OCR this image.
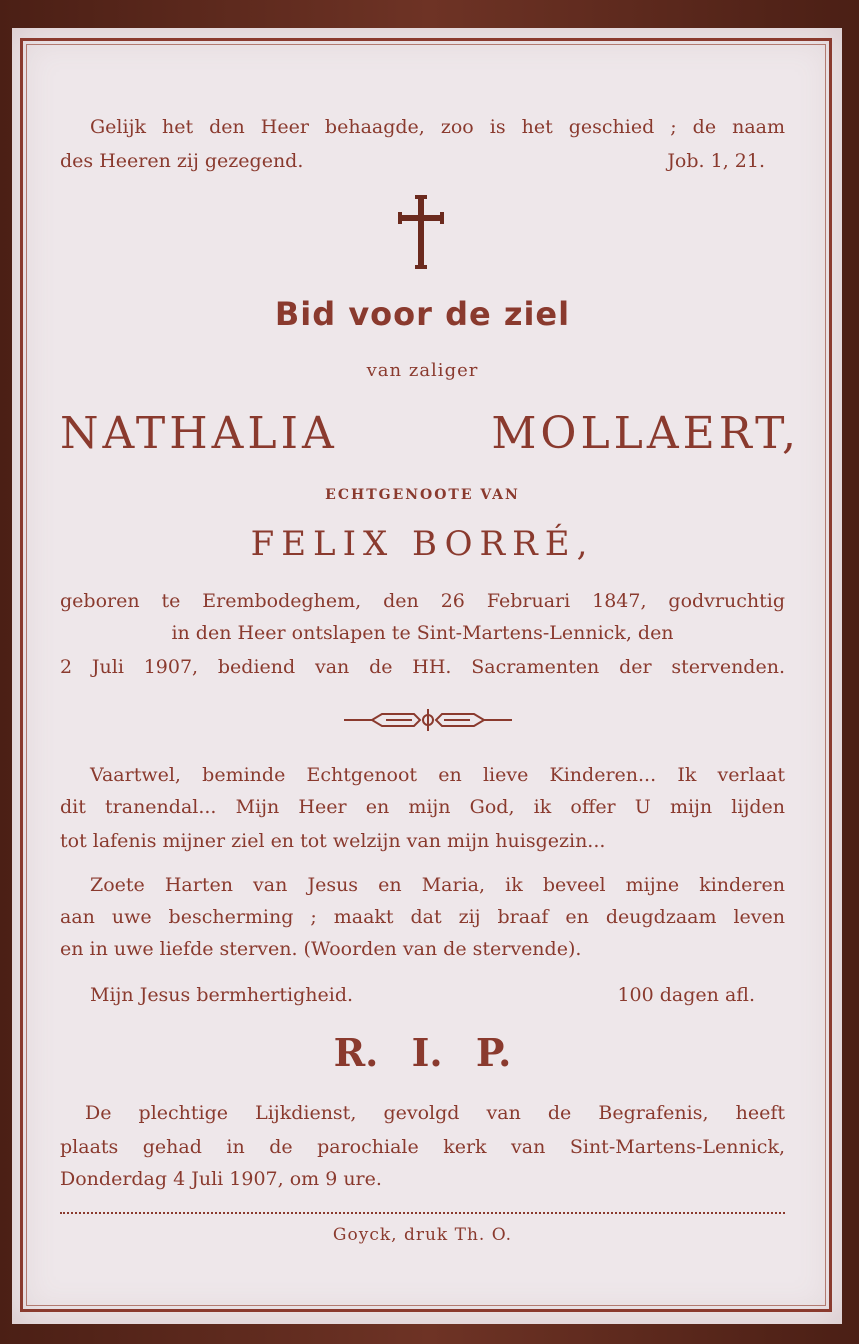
Gelijk het den Heer behaagde, zoo is het geschied ; de naam
des Heeren zij gezegend.	Job. 1, 21.
Bid voor de ziel
van zaliger
NATHALIA MOLLAERT,
ECHTGENOOTE VAN
FELIX BORRÉ,
geboren te Erembodeghem, den 26 Februari 1847, godvruchtig
in den Heer ontslapen te Sint-Martens-Lennick, den
2 Juli 1907, bediend van de HH. Sacramenten der stervenden.
Vaartwel, beminde Echtgenoot en lieve Kinderen... Ik verlaat
dit tranendal... Mijn Heer en mijn God, ik offer U mijn lijden
tot lafenis mijner ziel en tot welzijn van mijn huisgezin...
Zoete Harten van Jesus en Maria, ik beveel mijne kinderen
aan uwe bescherming ; maakt dat zij braaf en deugdzaam leven
en in uwe liefde sterven. (Woorden van de stervende).
Mijn Jesus bermhertigheid.	100 dagen afl.
R. I. P.
De plechtige Lijkdienst, gevolgd van de Begrafenis, heeft
plaats gehad in de parochiale kerk van Sint-Martens-Lennick,
Donderdag 4 Juli 1907, om 9 ure.
Goyck, druk Th. O.
